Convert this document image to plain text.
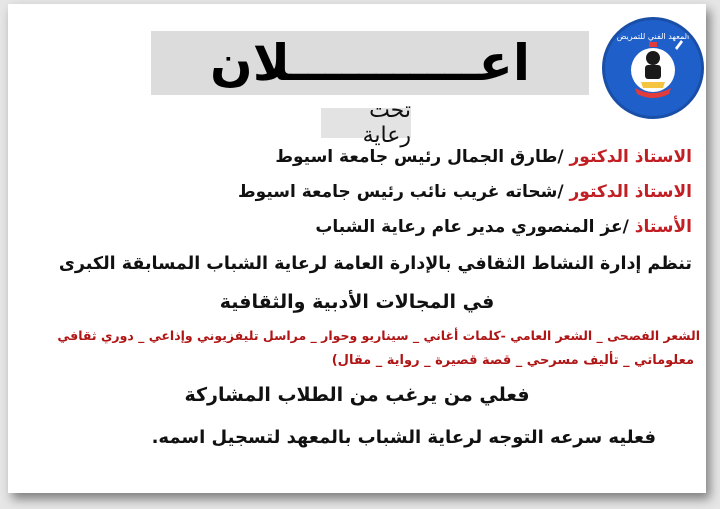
اعـــــــــــلان	المعهد الفني للتمريض
تحت رعاية
الاستاذ الدكتور /طارق الجمال رئيس جامعة اسيوط
الاستاذ الدكتور /شحاته غريب نائب رئيس جامعة اسيوط
الأستاذ /عز المنصوري مدير عام رعاية الشباب
تنظم إدارة النشاط الثقافي بالإدارة العامة لرعاية الشباب المسابقة الكبرى
في المجالات الأدبية والثقافية
الشعر الفصحى _ الشعر العامي -كلمات أغاني _ سيناريو وحوار _ مراسل تليفزيوني وإذاعي _ دوري ثقافي
معلوماتي _ تأليف مسرحي _ قصة قصيرة _ رواية _ مقال)
فعلي من يرغب من الطلاب المشاركة
فعليه سرعه التوجه لرعاية الشباب بالمعهد لتسجيل اسمه.
